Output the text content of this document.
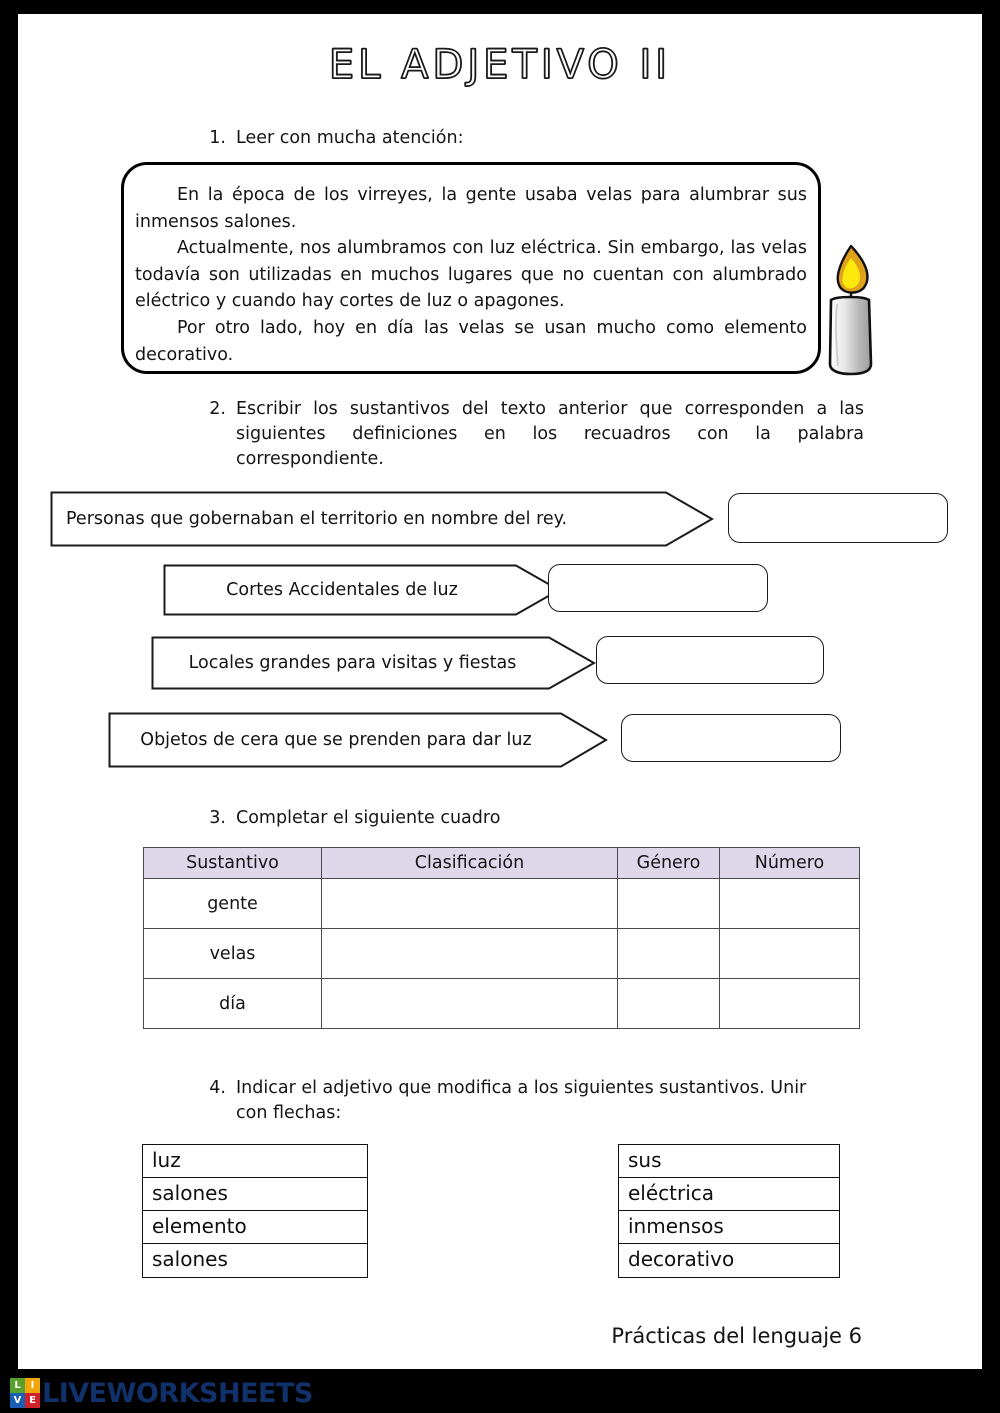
EL ADJETIVO II
1. Leer con mucha atención:

En la época de los virreyes, la gente usaba velas para alumbrar sus inmensos salones.

Actualmente, nos alumbramos con luz eléctrica. Sin embargo, las velas todavía son utilizadas en muchos lugares que no cuentan con alumbrado eléctrico y cuando hay cortes de luz o apagones.

Por otro lado, hoy en día las velas se usan mucho como elemento decorativo.

2. Escribir los sustantivos del texto anterior que corresponden a las siguientes definiciones en los recuadros con la palabra correspondiente.
Personas que gobernaban el territorio en nombre del rey.
Cortes Accidentales de luz
Locales grandes para visitas y fiestas
Objetos de cera que se prenden para dar luz
3. Completar el siguiente cuadro
Sustantivo	Clasificación	Género	Número
gente			
velas			
día			
4. Indicar el adjetivo que modifica a los siguientes sustantivos. Unir con flechas:
luz
salones
elemento
salones
sus
eléctrica
inmensos
decorativo
Prácticas del lenguaje 6
L I
V E LIVEWORKSHEETS
